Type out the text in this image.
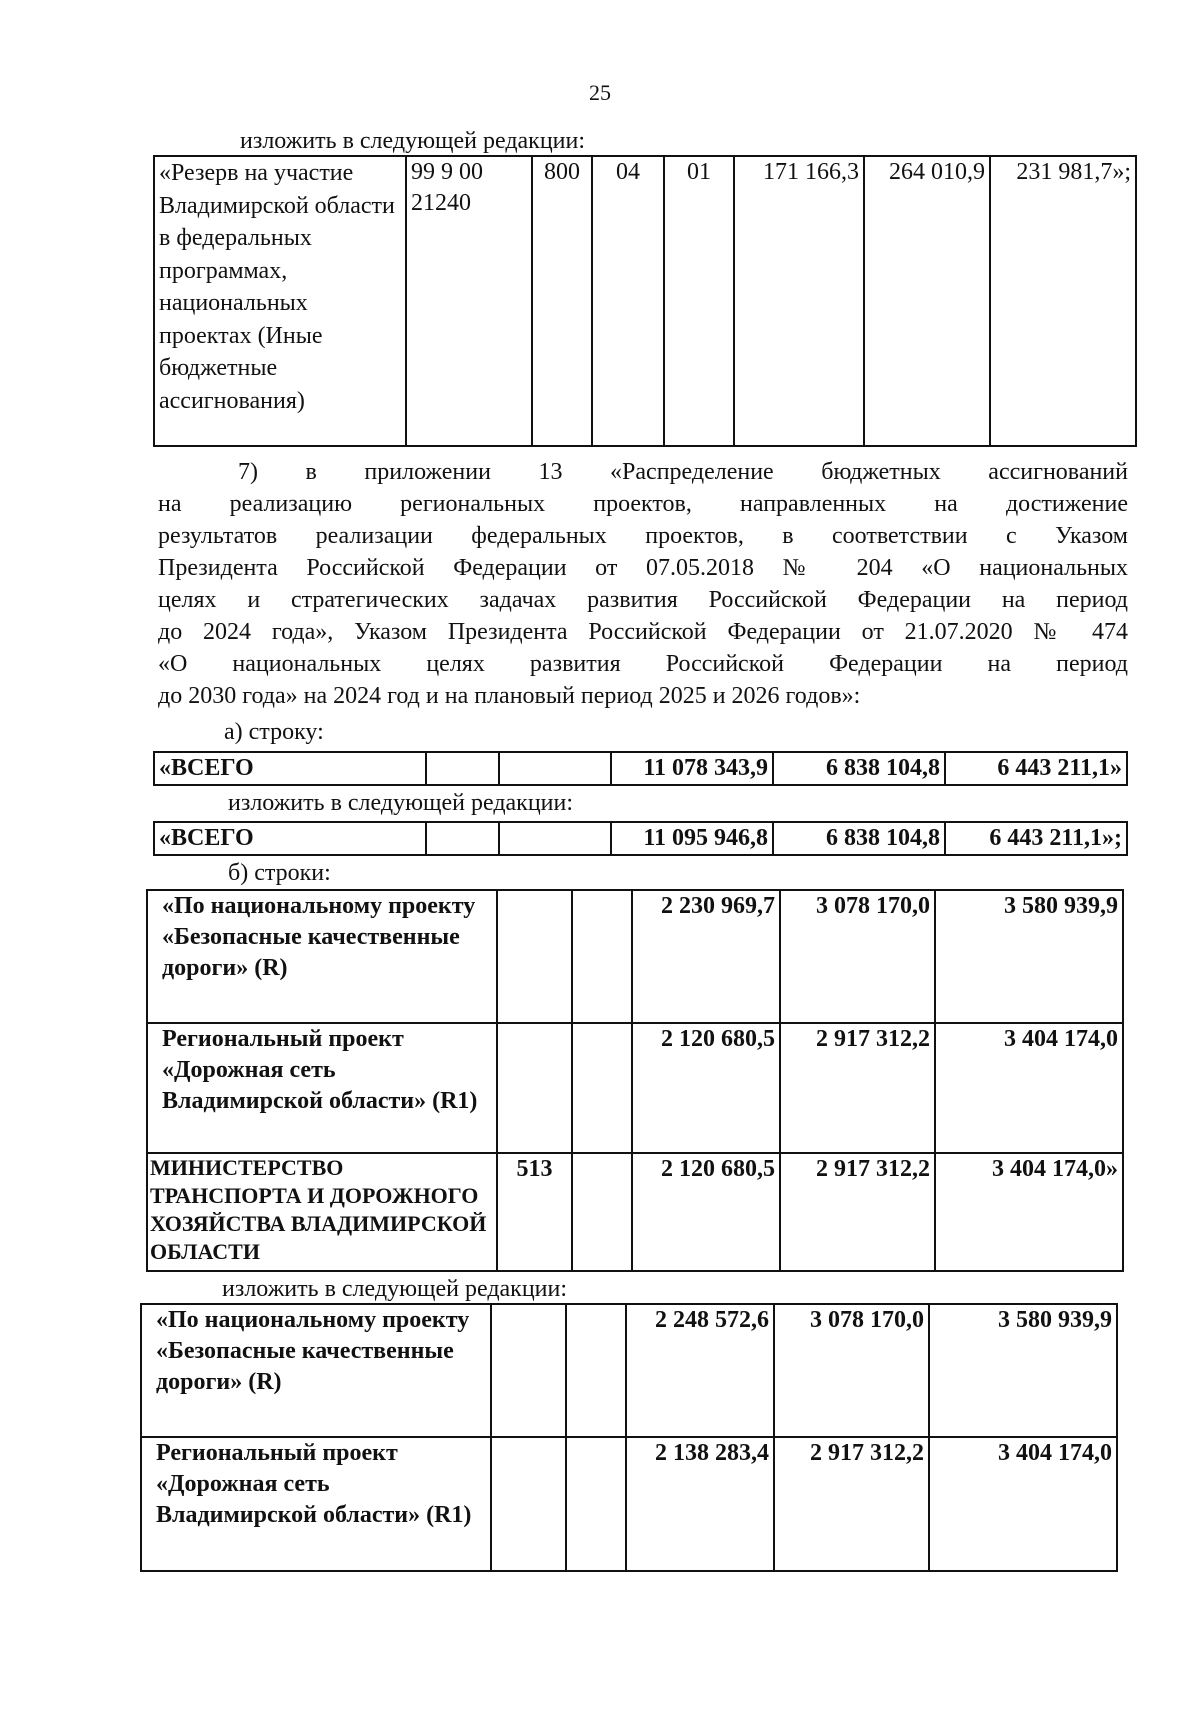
25
изложить в следующей редакции:
«Резерв на участие Владимирской области в федеральных программах, национальных проектах (Иные бюджетные ассигнования)	99 9 00 21240	800	04	01	171 166,3	264 010,9	231 981,7»;

7) в приложении 13 «Распределение бюджетных ассигнований

на реализацию региональных проектов, направленных на достижение

результатов реализации федеральных проектов, в соответствии с Указом

Президента Российской Федерации от 07.05.2018 № 204 «О национальных

целях и стратегических задачах развития Российской Федерации на период

до 2024 года», Указом Президента Российской Федерации от 21.07.2020 № 474

«О национальных целях развития Российской Федерации на период

до 2030 года» на 2024 год и на плановый период 2025 и 2026 годов»:

а) строку:
«ВСЕГО			11 078 343,9	6 838 104,8	6 443 211,1»
изложить в следующей редакции:
«ВСЕГО			11 095 946,8	6 838 104,8	6 443 211,1»;
б) строки:
«По национальному проекту «Безопасные качественные дороги» (R)			2 230 969,7	3 078 170,0	3 580 939,9
Региональный проект «Дорожная сеть Владимирской области» (R1)			2 120 680,5	2 917 312,2	3 404 174,0
МИНИСТЕРСТВО ТРАНСПОРТА И ДОРОЖНОГО ХОЗЯЙСТВА ВЛАДИМИРСКОЙ ОБЛАСТИ	513		2 120 680,5	2 917 312,2	3 404 174,0»
изложить в следующей редакции:
«По национальному проекту «Безопасные качественные дороги» (R)			2 248 572,6	3 078 170,0	3 580 939,9
Региональный проект «Дорожная сеть Владимирской области» (R1)			2 138 283,4	2 917 312,2	3 404 174,0
